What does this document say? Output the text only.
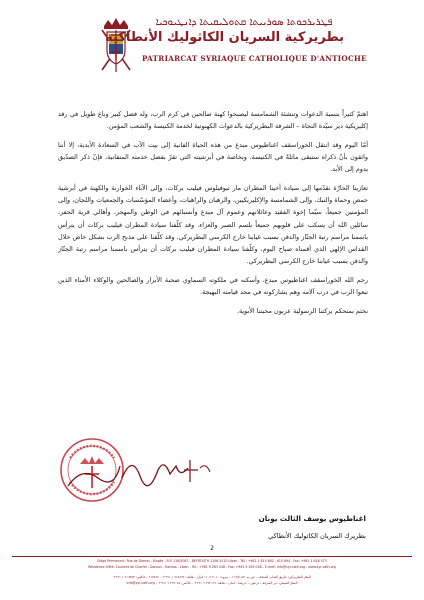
ܦܛܪܝܪܟܘܬܐ ܣܘܪܝܝܬܐ ܩܬܘܠܝܩܝܬܐ ܕܐܢܛܝܘܟܝܐ
بطريركية السريان الكاثوليك الأنطاكية
PATRIARCAT SYRIAQUE CATHOLIQUE D'ANTIOCHE

اهتمّ كثيراً بتنمية الدعوات وتنشئة الشمامسة ليصبحوا كهنة صالحين في كرم الرب، وله فضل كبير وباع طويل في رفد إكليريكية دير سيّدة النجاة – الشرفة البطريركية بالدعوات الكهنوتية لخدمة الكنيسة والشعب المؤمن.

أمّا اليوم وقد انتقل الخوراسقف اغناطيوس مبدع من هذه الحياة الفانية إلى بيت الآب في السعادة الأبدية، إلا أننا واثقون بأنّ ذكراه ستبقى ماثلةً في الكنيسة، وبخاصة في أبرشيته التي تقرّ بفضل خدمته المتفانية، فإنّ ذكر الصدّيق يدوم إلى الأبد.

تعازينا الحارّة نقدّمها إلى سيادة أخينا المطران مار تيوفيلوس فيليب بركات، وإلى الآباء الخوارنة والكهنة في أبرشية حمص وحماة والنبك، وإلى الشمامسة والإكليريكيين، والرهبان والراهبات، وأعضاء المؤسّسات والجمعيات واللجان، وإلى المؤمنين جميعاً، سيّما إخوة الفقيد وعائلاتهم وعموم آل مبدع وأنسبائهم في الوطن والمهجر، وأهالي قرية الحفر، سائلين الله أن يسكب على قلوبهم جميعاً بلسم الصبر والعزاء. وقد كلّفنا سيادة المطران فيليب بركات أن يترأس باسمنا مراسم رتبة الجنّاز والدفن بسبب غيابنا خارج الكرسي البطريركي. وقد كلّفنا على مذبح الرب بشكل خاص خلال القداس الإلهي الذي أقمناه صباح اليوم، وكلّفنا سيادة المطران فيليب بركات أن يترأس باسمنا مراسم رتبة الجنّاز والدفن بسبب غيابنا خارج الكرسي البطريركي.

رحم الله الخوراسقف اغناطيوس مبدع، وأسكنه في ملكوته السماوي صحبة الأبرار والصالحين والوكلاء الأمناء الذين تبعوا الرب في درب آلامه وهم يشاركونه في مجد قيامته البهيجة.

نختم بمنحكم بركتنا الرسولية عربون محبتنا الأبوية.

اغناطيوس يوسف الثالث يونان
بطريرك السريان الكاثوليك الأنطاكي
2
Siège Permanent: Rue de Damas - Musée - B.P. 116/5087 - BEYROUTH 1106-2010 Liban - Tél.: +961 1 615 892 - 615 894 - Fax: +961 1 616 573
Résidence d'été: Couvent de Charfet - Daroun - Harissa - Liban - Tél.: +961 9 263 046 - Fax: +961 9 263 048 - E-mail: info@syr-cath.org - www.syr-cath.org
المقرّ البطريركي: طريق الشام، المتحف – ص.ب. ١١٦/٥٠٨٧ – بيروت ٢٠١٠ ١١٠٦ لبنان – هاتف: ٦١٥٨٩٢ ١ ٩٦١+ – ٦١٥٨٩٤ – فاكس: ٦١٦٥٧٣ ١ ٩٦١+
المقرّ الصيفي: دير الشرفة – درعون – حريصا – لبنان – هاتف: ٢٦٣٠٤٦ ٩ ٩٦١+ – فاكس: ٢٦٣٠٤٨ ٩ ٩٦١+ – info@syr-cath.org
